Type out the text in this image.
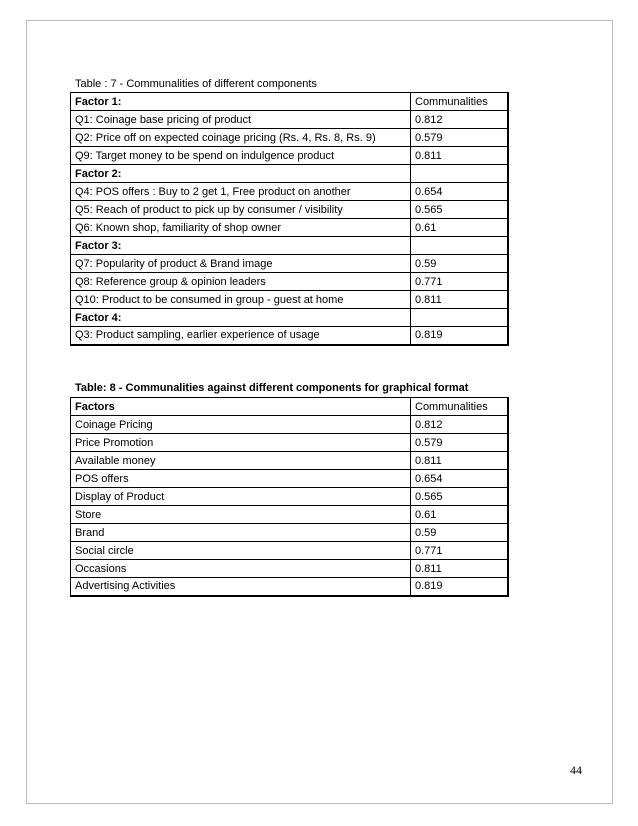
Table : 7 - Communalities of different components
Factor 1:	Communalities
Q1: Coinage base pricing of product	0.812
Q2: Price off on expected coinage pricing (Rs. 4, Rs. 8, Rs. 9)	0.579
Q9: Target money to be spend on indulgence product	0.811
Factor 2:	
Q4: POS offers : Buy to 2 get 1, Free product on another	0.654
Q5: Reach of product to pick up by consumer / visibility	0.565
Q6: Known shop, familiarity of shop owner	0.61
Factor 3:	
Q7: Popularity of product & Brand image	0.59
Q8: Reference group & opinion leaders	0.771
Q10: Product to be consumed in group - guest at home	0.811
Factor 4:	
Q3: Product sampling, earlier experience of usage	0.819
Table: 8 - Communalities against different components for graphical format
Factors	Communalities
Coinage Pricing	0.812
Price Promotion	0.579
Available money	0.811
POS offers	0.654
Display of Product	0.565
Store	0.61
Brand	0.59
Social circle	0.771
Occasions	0.811
Advertising Activities	0.819
44
